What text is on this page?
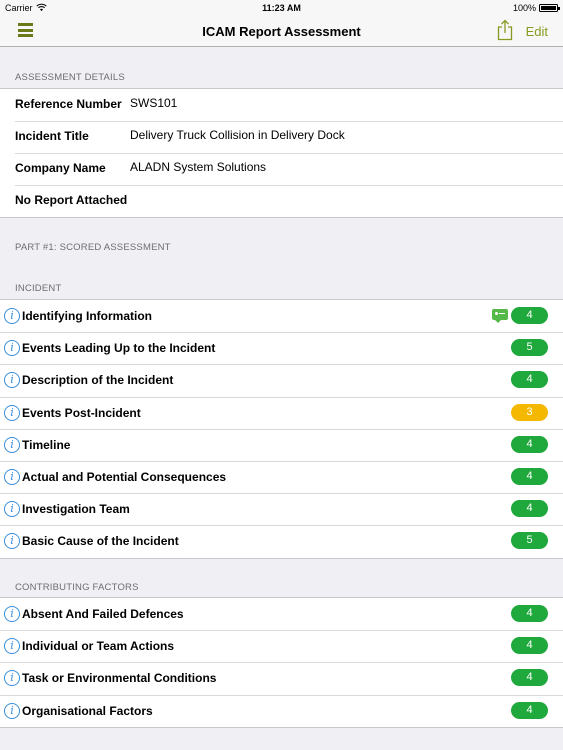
Carrier	11:23 AM	100%
ICAM Report Assessment	Edit
ASSESSMENT DETAILS
Reference Number SWS101
Incident Title	Delivery Truck Collision in Delivery Dock
Company Name ALADN System Solutions
No Report Attached
PART #1: SCORED ASSESSMENT
INCIDENT
i Identifying Information	4
i Events Leading Up to the Incident	5
i Description of the Incident	4
i Events Post-Incident	3
i Timeline	4
i Actual and Potential Consequences	4
i Investigation Team	4
i Basic Cause of the Incident	5
CONTRIBUTING FACTORS
i Absent And Failed Defences	4
i Individual or Team Actions	4
i Task or Environmental Conditions	4
i Organisational Factors	4
